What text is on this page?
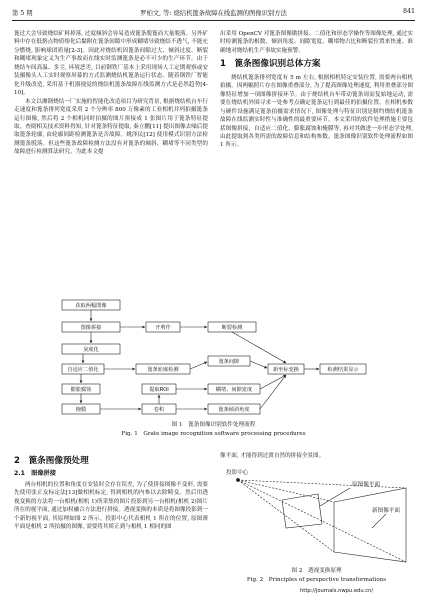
第 5 期	罗柏文, 等: 烧结机篦条故障在线监测的图像识别方法	841

篦过大会导致烧结矿料掉落, 过度倾斜会容易造成篦条脱篦而大量脱落。另外矿料中存在低熔点物质熔化后黏附在篦条间隙中形成糊堵导致烧结不透气, 不能充分燃烧, 影响球团质量[2-3]。因此对烧结机因篦条间隙过大、倾斜过度、断裂和糊堵现象定义为生产事故而在线实时监测篦条是必不可少的生产环节。由于烧结车间高温、多尘, 环境恶劣, 目前钢铁厂基本上采用现场人工定期观察或安装摄像头人工实时观察屏幕的方式监测烧结机篦条运行状态。随着钢铁厂智能化升级改造, 采用基于机器视觉的烧结机篦条故障在线监测方式是必然趋势[4-10]。

本文以湘钢烧结一厂实施的智能化改造项目为研究背景, 根据烧结机台车行走速度和篦条排列宽度采用 2 个分辨率 800 万像素的工业相机并列拍摄篦条运行图像, 然后将 2 个相机同时拍摄的图片拼接成 1 张图片用于篦条特征提取。查阅相关技术资料得知, 针对篦条特征提取, 秦立鹏[11] 提出图像去噪后提取篦条轮廓, 由轮廓间距检测篦条是否故障。姚泽民[12] 使用模式识别方法检测篦条脱落。但这些篦条故障检测方法没有对篦条的倾斜、糊堵等不同类型的故障进行检测算法研究。为此本文提

出采用 OpenCV 对篦条图像做拼接、二值化和形态学操作等图像处理, 通过实时检测篦条的根数、倾斜角度、间隙宽度、糊堵物占比和断裂位置来快速、准确地对烧结机生产事故实施预警。

1　篦条图像识别总体方案

烧结机篦条排列宽度有 5 m 左右, 根据相机特定安装位置, 需要两台相机拍摄。因两幅照片存在图像重叠部分, 为了提高图像处理速度, 利用重叠部分图像特征增加一项图像拼接环节。由于烧结机台车带动篦条周而复始地运动, 需要在烧结机外围寻求一处参考点确定篦条运行到最佳的拍摄位置。在相机参数与硬件设施满足篦条拍摄需求情况下, 图像处理与特征识别是制约烧结机篦条故障在线监测实时性与准确性的最重要环节。本文采用的软件处理措施主要包括图像拼接、自适应二值化、膨胀腐蚀和掩膜等, 再对其做进一步形态学处理, 由此提取到各类所需的故障信息和结构参数。篦条图像识别软件处理流程如图 1 所示。

获取两幅图像
图像拼接	开剪作	断裂检测
灰度化
自适应二值化	篦条轮廓检测
篦条间隙
新坐标变换	检测结果显示
膨胀腐蚀	提取ROI	糊堵、间隙宽度
掩膜	卷积	篦条倾斜角度
图 1　篦条图像识别软件处理流程
Fig. 1　Grate image recognition software processing procedures
2　篦条图像预处理
2.1　图像拼接

两台相机的位置和角度在安装时会存在误差, 为了使拼接图像不变形, 需要先使用张正友标定法[13]做相机标定, 得到相机的内参以去除畸变。然后用透视变换的方法将一台相机(相机 1)所采集的图片投影到另一台相机(相机 2)图片所在的视平面, 通过加权融合方法进行拼接。透视变换的本质是将图像投影到一个新的视平面, 其原理如图 2 所示。投影中心代表相机 1 所在的位置, 原图薄平面是相机 2 所拍摄的图像, 需要将其矫正到与相机 1 相同的图

像平面, 才能得到过渡自然的拼接全景图。

投影中心
原图像平面
新图像平面
图 2　透视变换原理
Fig. 2　Principles of perspective transformations
http://journals.nwpu.edu.cn/
